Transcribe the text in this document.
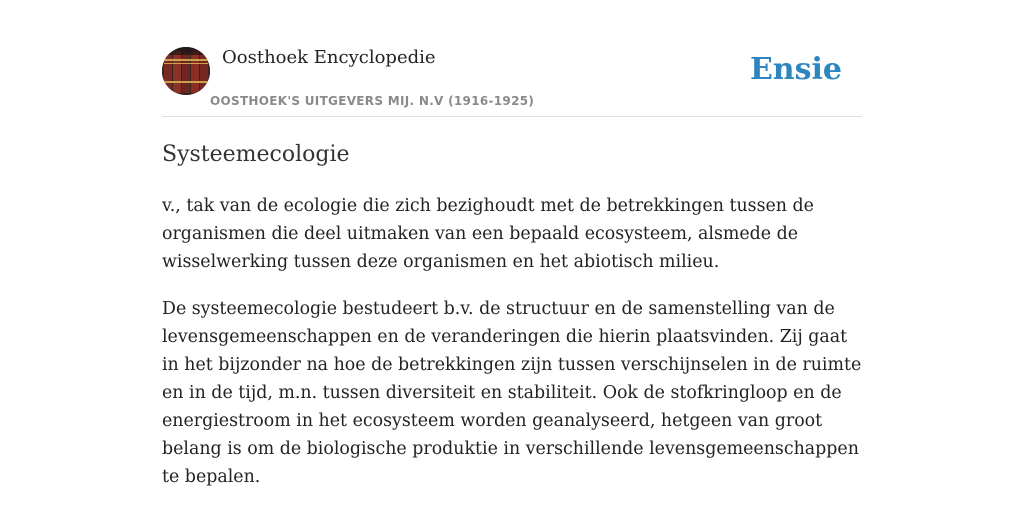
Oosthoek Encyclopedie
OOSTHOEK'S UITGEVERS MIJ. N.V (1916-1925)
Ensie
Systeemecologie

v., tak van de ecologie die zich bezighoudt met de betrekkingen tussen de organismen die deel uitmaken van een bepaald ecosysteem, alsmede de wisselwerking tussen deze organismen en het abiotisch milieu.

De systeemecologie bestudeert b.v. de structuur en de samenstelling van de levensgemeenschappen en de veranderingen die hierin plaatsvinden. Zij gaat in het bijzonder na hoe de betrekkingen zijn tussen verschijnselen in de ruimte en in de tijd, m.n. tussen diversiteit en stabiliteit. Ook de stofkringloop en de energiestroom in het ecosysteem worden geanalyseerd, hetgeen van groot belang is om de biologische produktie in verschillende levensgemeenschappen te bepalen.
